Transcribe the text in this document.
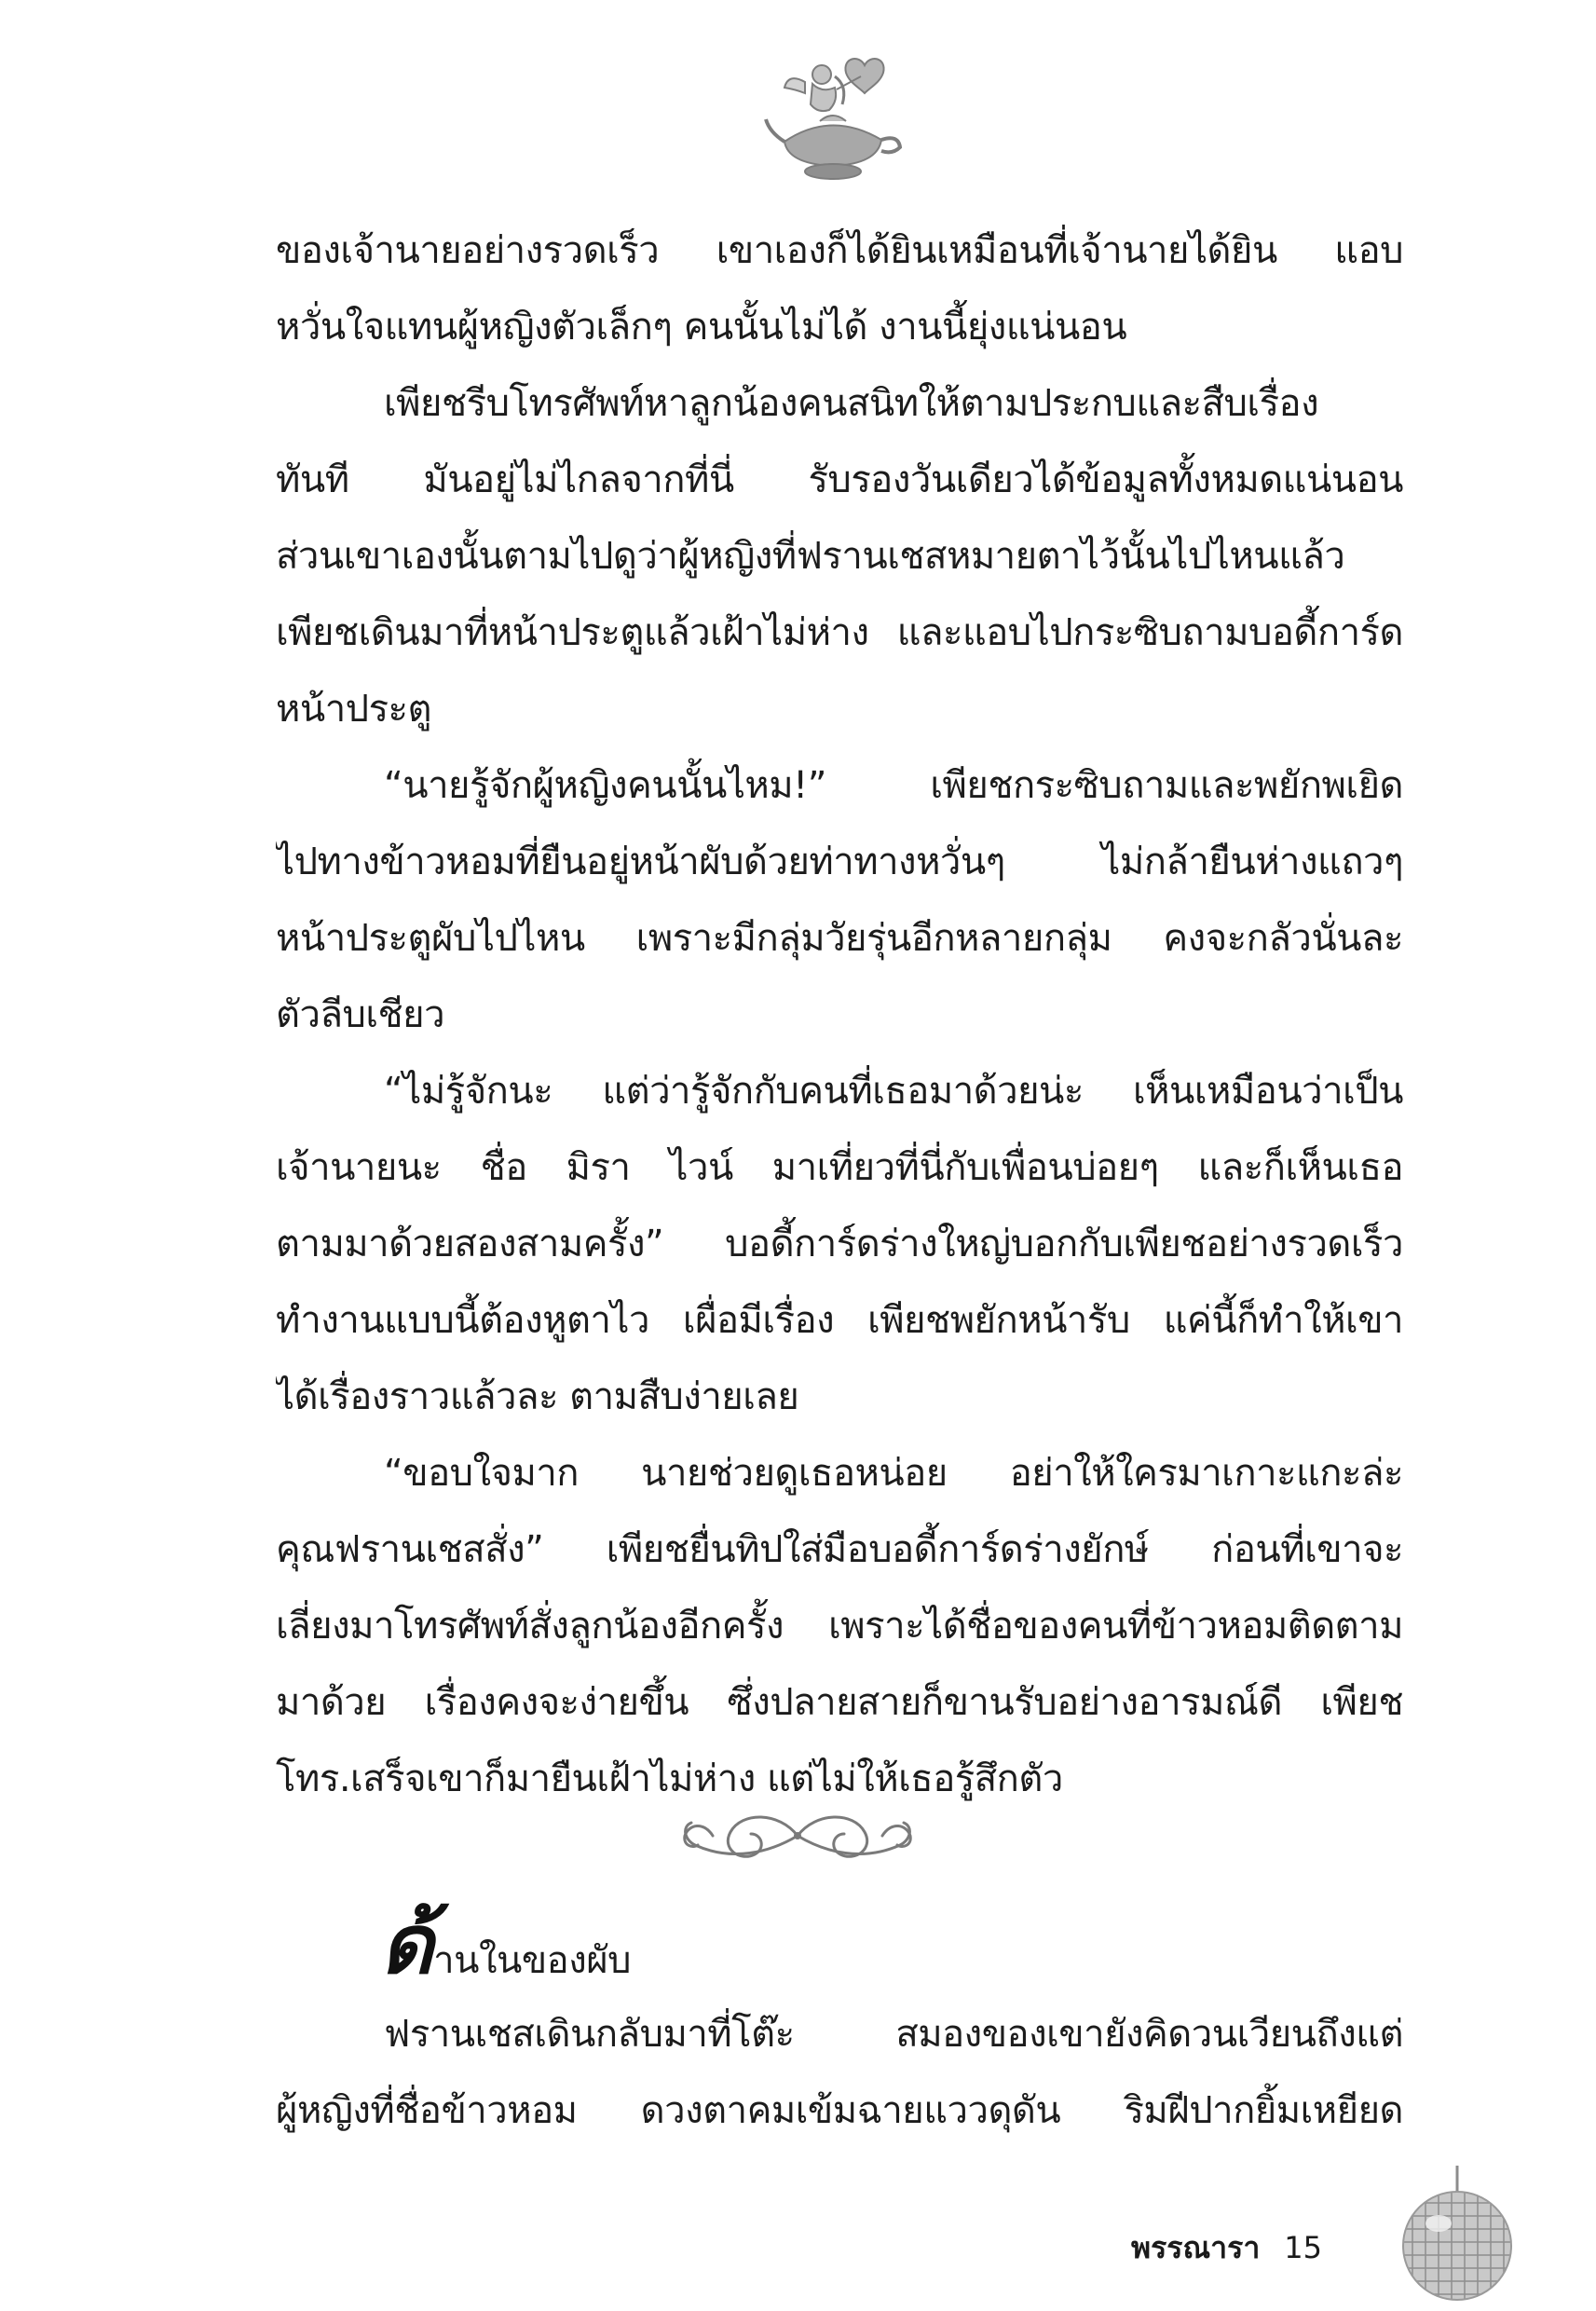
ของเจ้านายอย่างรวดเร็ว เขาเองก็ได้ยินเหมือนที่เจ้านายได้ยิน แอบ
หวั่นใจแทนผู้หญิงตัวเล็กๆ คนนั้นไม่ได้ งานนี้ยุ่งแน่นอน
เพียชรีบโทรศัพท์หาลูกน้องคนสนิทให้ตามประกบและสืบเรื่อง
ทันที มันอยู่ไม่ไกลจากที่นี่ รับรองวันเดียวได้ข้อมูลทั้งหมดแน่นอน
ส่วนเขาเองนั้นตามไปดูว่าผู้หญิงที่ฟรานเชสหมายตาไว้นั้นไปไหนแล้ว
เพียชเดินมาที่หน้าประตูแล้วเฝ้าไม่ห่าง และแอบไปกระซิบถามบอดี้การ์ด
หน้าประตู
“นายรู้จักผู้หญิงคนนั้นไหม!” เพียชกระซิบถามและพยักพเยิด
ไปทางข้าวหอมที่ยืนอยู่หน้าผับด้วยท่าทางหวั่นๆ ไม่กล้ายืนห่างแถวๆ
หน้าประตูผับไปไหน เพราะมีกลุ่มวัยรุ่นอีกหลายกลุ่ม คงจะกลัวนั่นละ
ตัวลีบเชียว
“ไม่รู้จักนะ แต่ว่ารู้จักกับคนที่เธอมาด้วยน่ะ เห็นเหมือนว่าเป็น
เจ้านายนะ ชื่อ มิรา ไวน์ มาเที่ยวที่นี่กับเพื่อนบ่อยๆ และก็เห็นเธอ
ตามมาด้วยสองสามครั้ง” บอดี้การ์ดร่างใหญ่บอกกับเพียชอย่างรวดเร็ว
ทำงานแบบนี้ต้องหูตาไว เผื่อมีเรื่อง เพียชพยักหน้ารับ แค่นี้ก็ทำให้เขา
ได้เรื่องราวแล้วละ ตามสืบง่ายเลย
“ขอบใจมาก นายช่วยดูเธอหน่อย อย่าให้ใครมาเกาะแกะล่ะ
คุณฟรานเชสสั่ง” เพียชยื่นทิปใส่มือบอดี้การ์ดร่างยักษ์ ก่อนที่เขาจะ
เลี่ยงมาโทรศัพท์สั่งลูกน้องอีกครั้ง เพราะได้ชื่อของคนที่ข้าวหอมติดตาม
มาด้วย เรื่องคงจะง่ายขึ้น ซึ่งปลายสายก็ขานรับอย่างอารมณ์ดี เพียช
โทร.เสร็จเขาก็มายืนเฝ้าไม่ห่าง แต่ไม่ให้เธอรู้สึกตัว
ด้านในของผับ
ฟรานเชสเดินกลับมาที่โต๊ะ สมองของเขายังคิดวนเวียนถึงแต่
ผู้หญิงที่ชื่อข้าวหอม ดวงตาคมเข้มฉายแววดุดัน ริมฝีปากยิ้มเหยียด
พรรณารา 15
